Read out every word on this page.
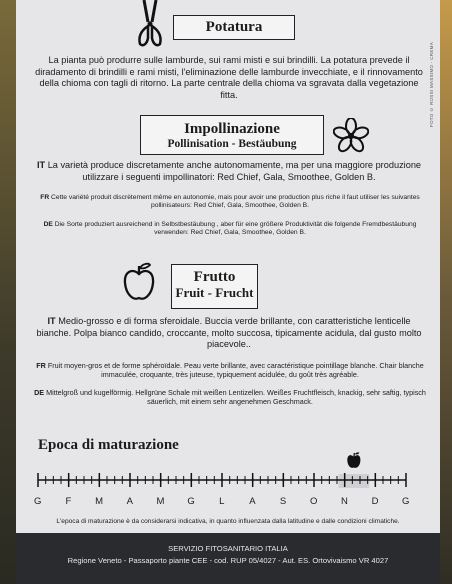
Potatura
La pianta può produrre sulle lamburde, sui rami misti e sui brindilli. La potatura prevede il diradamento di brindilli e rami misti, l'eliminazione delle lamburde invecchiate, e il rinnovamento della chioma con tagli di ritorno. La parte centrale della chioma va sgravata dalla vegetazione fitta.
Impollinazione
Pollinisation - Bestäubung
IT La varietà produce discretamente anche autonomamente, ma per una maggiore produzione utilizzare i seguenti impollinatori: Red Chief, Gala, Smoothee, Golden B.
FR Cette variété produit discrètement même en autonomie, mais pour avoir une production plus riche il faut utiliser les suivantes pollinisateurs: Red Chief, Gala, Smoothee, Golden B.
DE Die Sorte produziert ausreichend in Selbstbestäubung , aber für eine größere Produktivität die folgende Fremdbestäubung verwenden: Red Chief, Gala, Smoothee, Golden B.
Frutto
Fruit - Frucht
IT Medio-grosso e di forma sferoidale. Buccia verde brillante, con caratteristiche lenticelle bianche. Polpa bianco candido, croccante, molto succosa, tipicamente acidula, dal gusto molto piacevole..
FR Fruit moyen-gros et de forme sphéroïdale. Peau verte brillante, avec caractéristique pointillage blanche. Chair blanche immaculée, croquante, très juteuse, typiquement acidulée, du goût très agréable.
DE Mittelgroß und kugelförmig. Hellgrüne Schale mit weißen Lentizellen. Weißes Fruchtfleisch, knackig, sehr saftig, typisch säuerlich, mit einem sehr angenehmen Geschmack.
Epoca di maturazione
G	F	M	A	M	G	L	A	S	O	N	D	G
L'epoca di maturazione è da considerarsi indicativa, in quanto influenzata dalla latitudine e dalle condizioni climatiche.
FOTO © ROSSI MASSIMO - CREMA
SERVIZIO FITOSANITARIO ITALIA
Regione Veneto - Passaporto piante CEE - cod. RUP 05/4027 - Aut. ES. Ortovivaismo VR 4027
